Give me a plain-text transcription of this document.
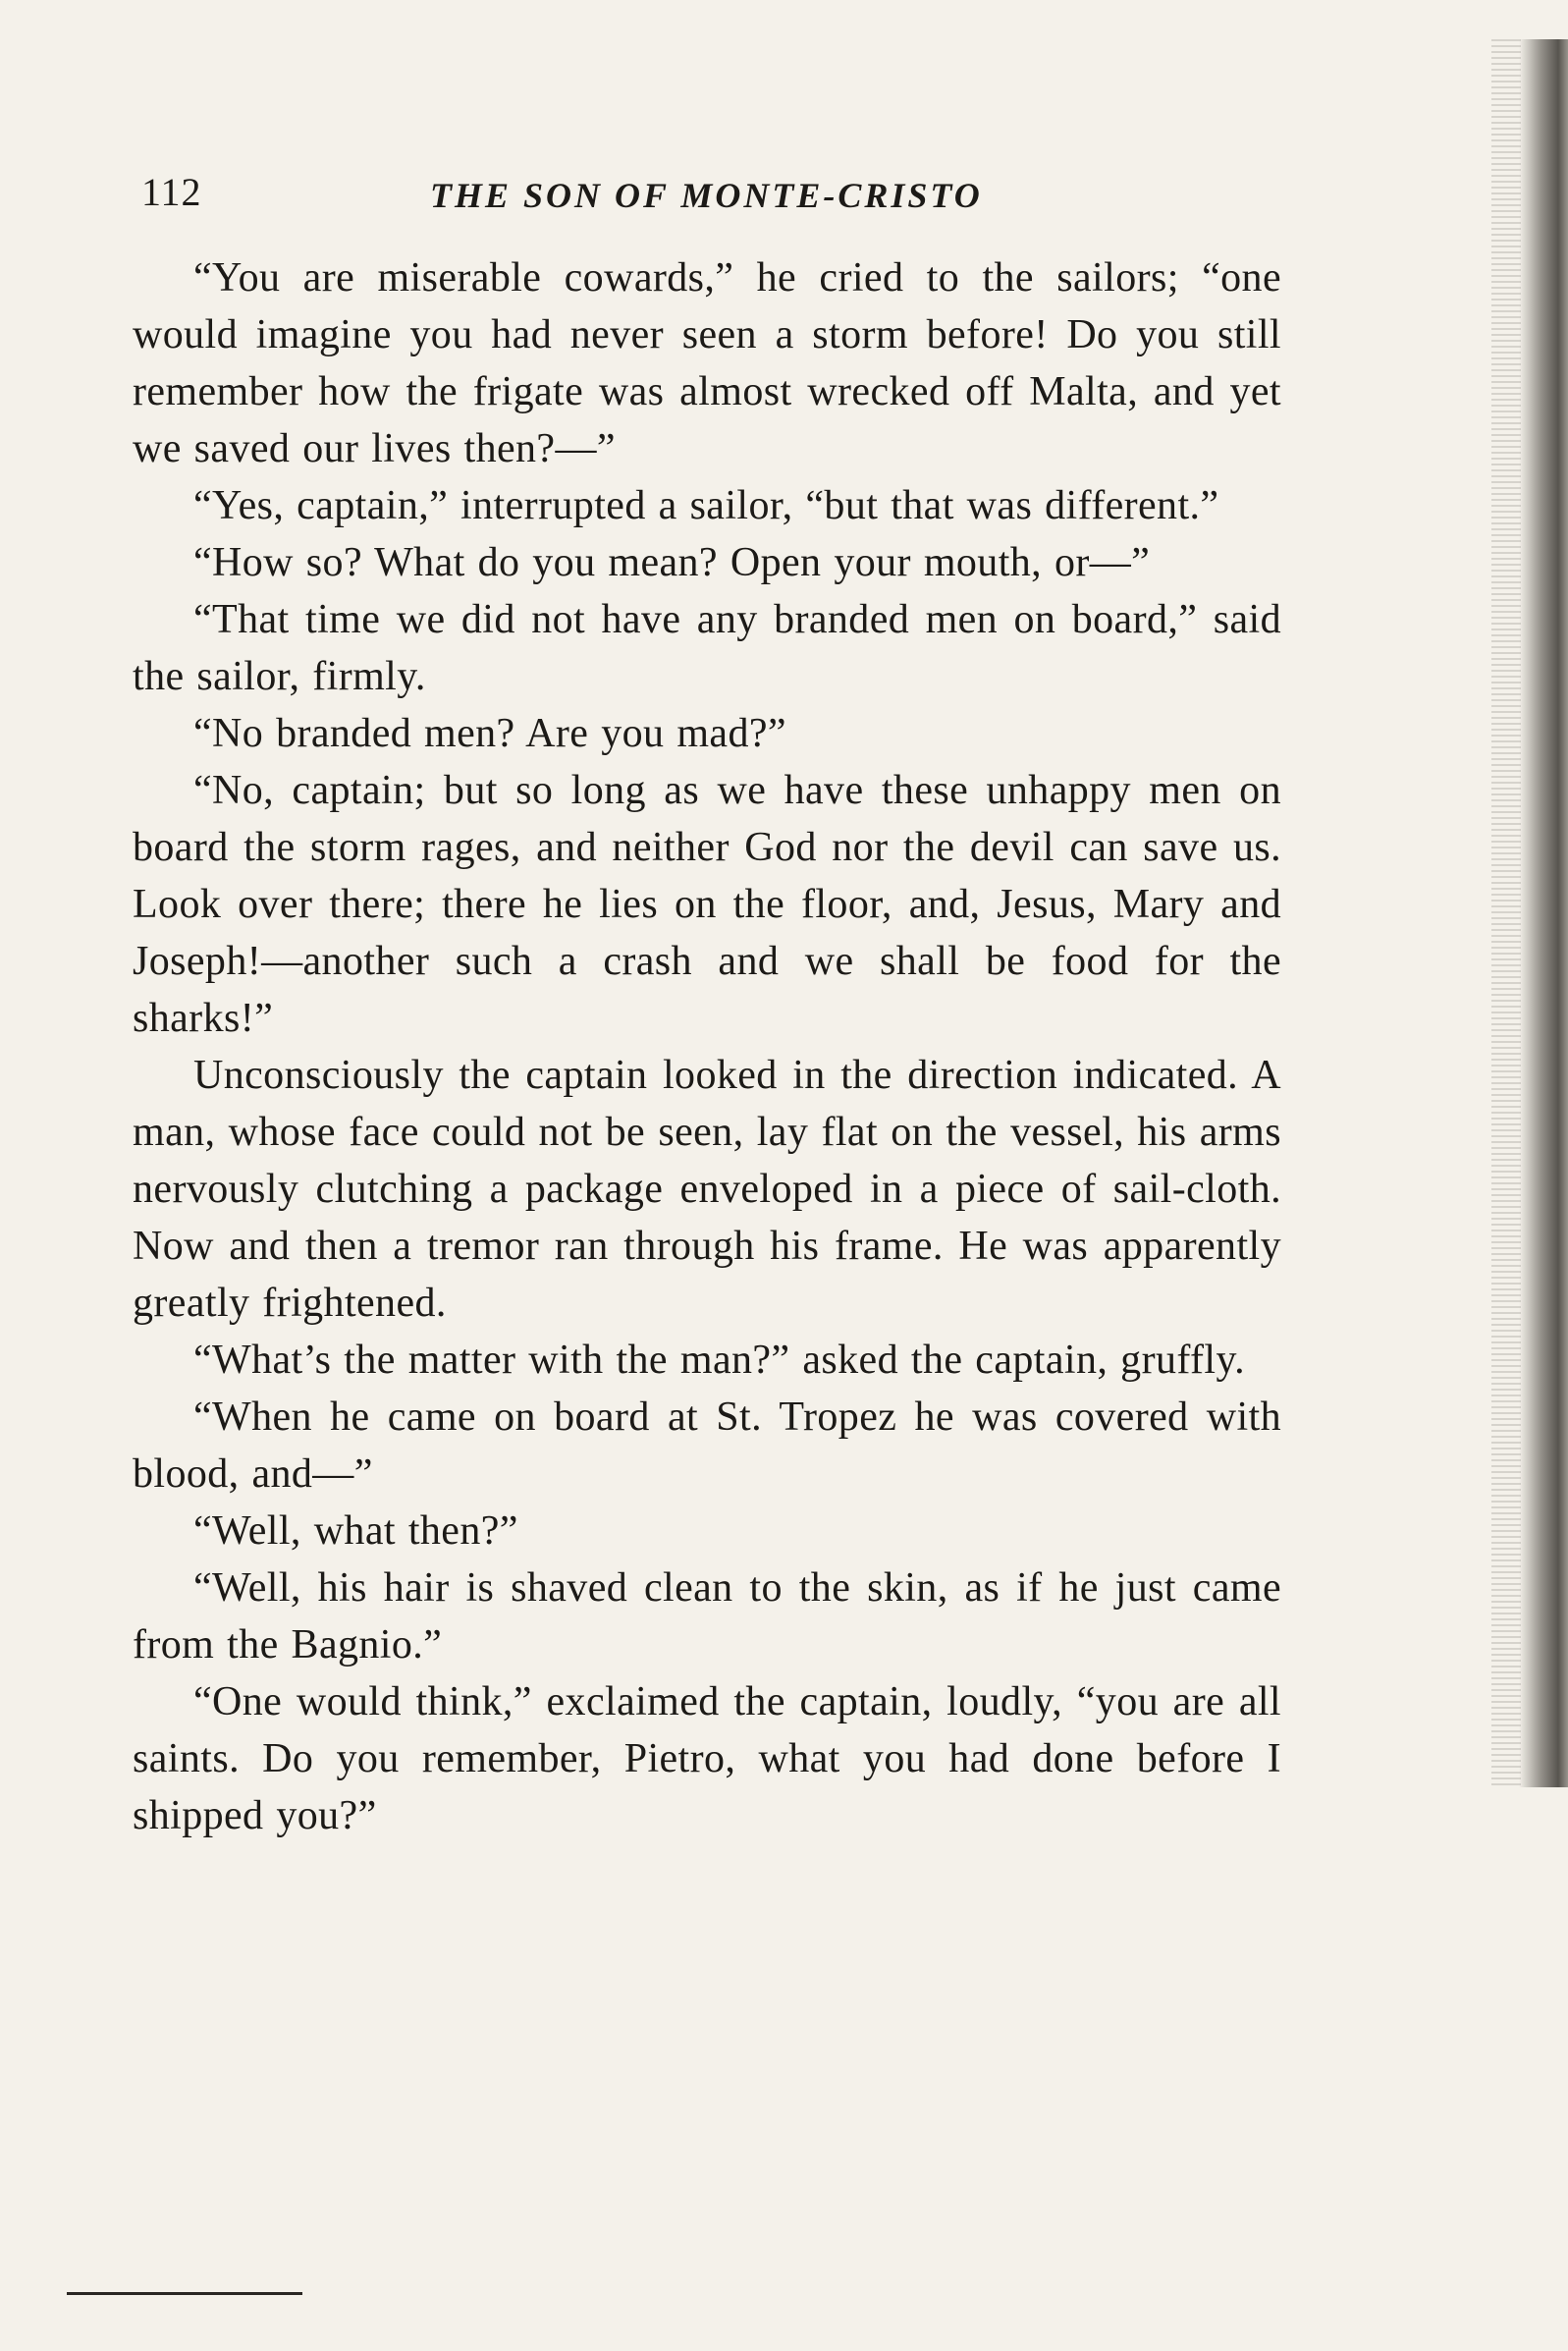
112	THE SON OF MONTE-CRISTO

“You are miserable cowards,” he cried to the sailors; “one would imagine you had never seen a storm before! Do you still remember how the frigate was almost wrecked off Malta, and yet we saved our lives then?—”

“Yes, captain,” interrupted a sailor, “but that was different.”

“How so? What do you mean? Open your mouth, or—”

“That time we did not have any branded men on board,” said the sailor, firmly.

“No branded men? Are you mad?”

“No, captain; but so long as we have these unhappy men on board the storm rages, and neither God nor the devil can save us. Look over there; there he lies on the floor, and, Jesus, Mary and Joseph!—another such a crash and we shall be food for the sharks!”

Unconsciously the captain looked in the direction indicated. A man, whose face could not be seen, lay flat on the vessel, his arms nervously clutching a package enveloped in a piece of sail-cloth. Now and then a tremor ran through his frame. He was apparently greatly frightened.

“What’s the matter with the man?” asked the captain, gruffly.

“When he came on board at St. Tropez he was covered with blood, and—”

“Well, what then?”

“Well, his hair is shaved clean to the skin, as if he just came from the Bagnio.”

“One would think,” exclaimed the captain, loudly, “you are all saints. Do you remember, Pietro, what you had done before I shipped you?”
